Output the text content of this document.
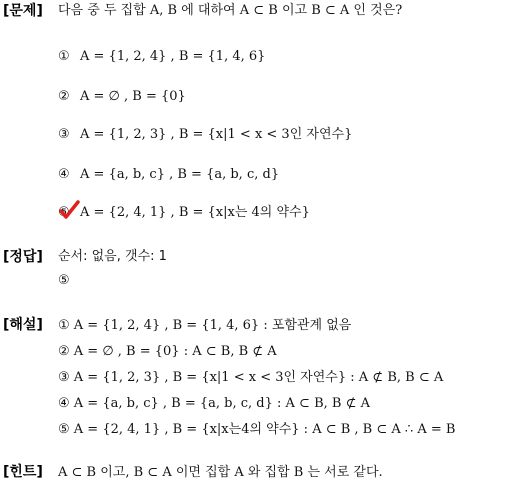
[문제] 다음 중 두 집합 A, B 에 대하여 A ⊂ B 이고 B ⊂ A 인 것은?
① A = {1, 2, 4} , B = {1, 4, 6}
② A = ∅ , B = {0}
③ A = {1, 2, 3} , B = {x|1 < x < 3인 자연수}
④ A = {a, b, c} , B = {a, b, c, d}
⑤ A = {2, 4, 1} , B = {x|x는 4의 약수}
[정답] 순서: 없음, 갯수: 1
⑤
[해설] ① A = {1, 2, 4} , B = {1, 4, 6} : 포함관계 없음
② A = ∅ , B = {0} : A ⊂ B, B ⊄ A
③ A = {1, 2, 3} , B = {x|1 < x < 3인 자연수} : A ⊄ B, B ⊂ A
④ A = {a, b, c} , B = {a, b, c, d} : A ⊂ B, B ⊄ A
⑤ A = {2, 4, 1} , B = {x|x는4의 약수} : A ⊂ B , B ⊂ A ∴ A = B
[힌트] A ⊂ B 이고, B ⊂ A 이면 집합 A 와 집합 B 는 서로 같다.
